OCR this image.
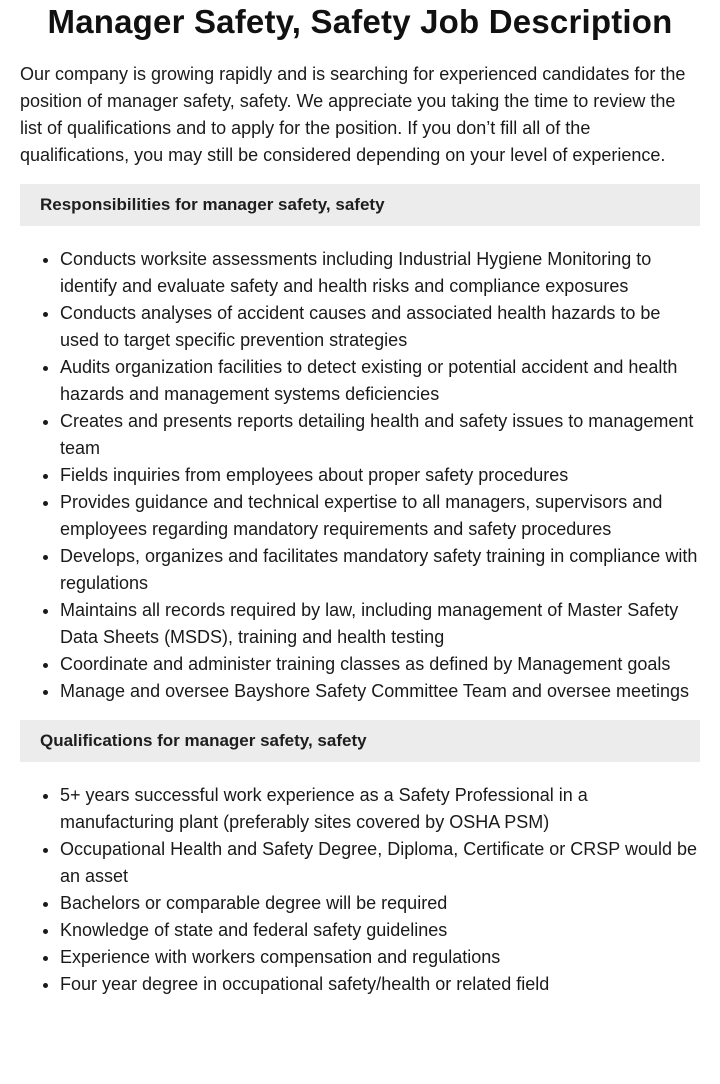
Manager Safety, Safety Job Description

Our company is growing rapidly and is searching for experienced candidates for the position of manager safety, safety. We appreciate you taking the time to review the list of qualifications and to apply for the position. If you don’t fill all of the qualifications, you may still be considered depending on your level of experience.

Responsibilities for manager safety, safety
• Conducts worksite assessments including Industrial Hygiene Monitoring to identify and evaluate safety and health risks and compliance exposures
• Conducts analyses of accident causes and associated health hazards to be used to target specific prevention strategies
• Audits organization facilities to detect existing or potential accident and health hazards and management systems deficiencies
• Creates and presents reports detailing health and safety issues to management team
• Fields inquiries from employees about proper safety procedures
• Provides guidance and technical expertise to all managers, supervisors and employees regarding mandatory requirements and safety procedures
• Develops, organizes and facilitates mandatory safety training in compliance with regulations
• Maintains all records required by law, including management of Master Safety Data Sheets (MSDS), training and health testing
• Coordinate and administer training classes as defined by Management goals
• Manage and oversee Bayshore Safety Committee Team and oversee meetings
Qualifications for manager safety, safety
• 5+ years successful work experience as a Safety Professional in a manufacturing plant (preferably sites covered by OSHA PSM)
• Occupational Health and Safety Degree, Diploma, Certificate or CRSP would be an asset
• Bachelors or comparable degree will be required
• Knowledge of state and federal safety guidelines
• Experience with workers compensation and regulations
• Four year degree in occupational safety/health or related field
